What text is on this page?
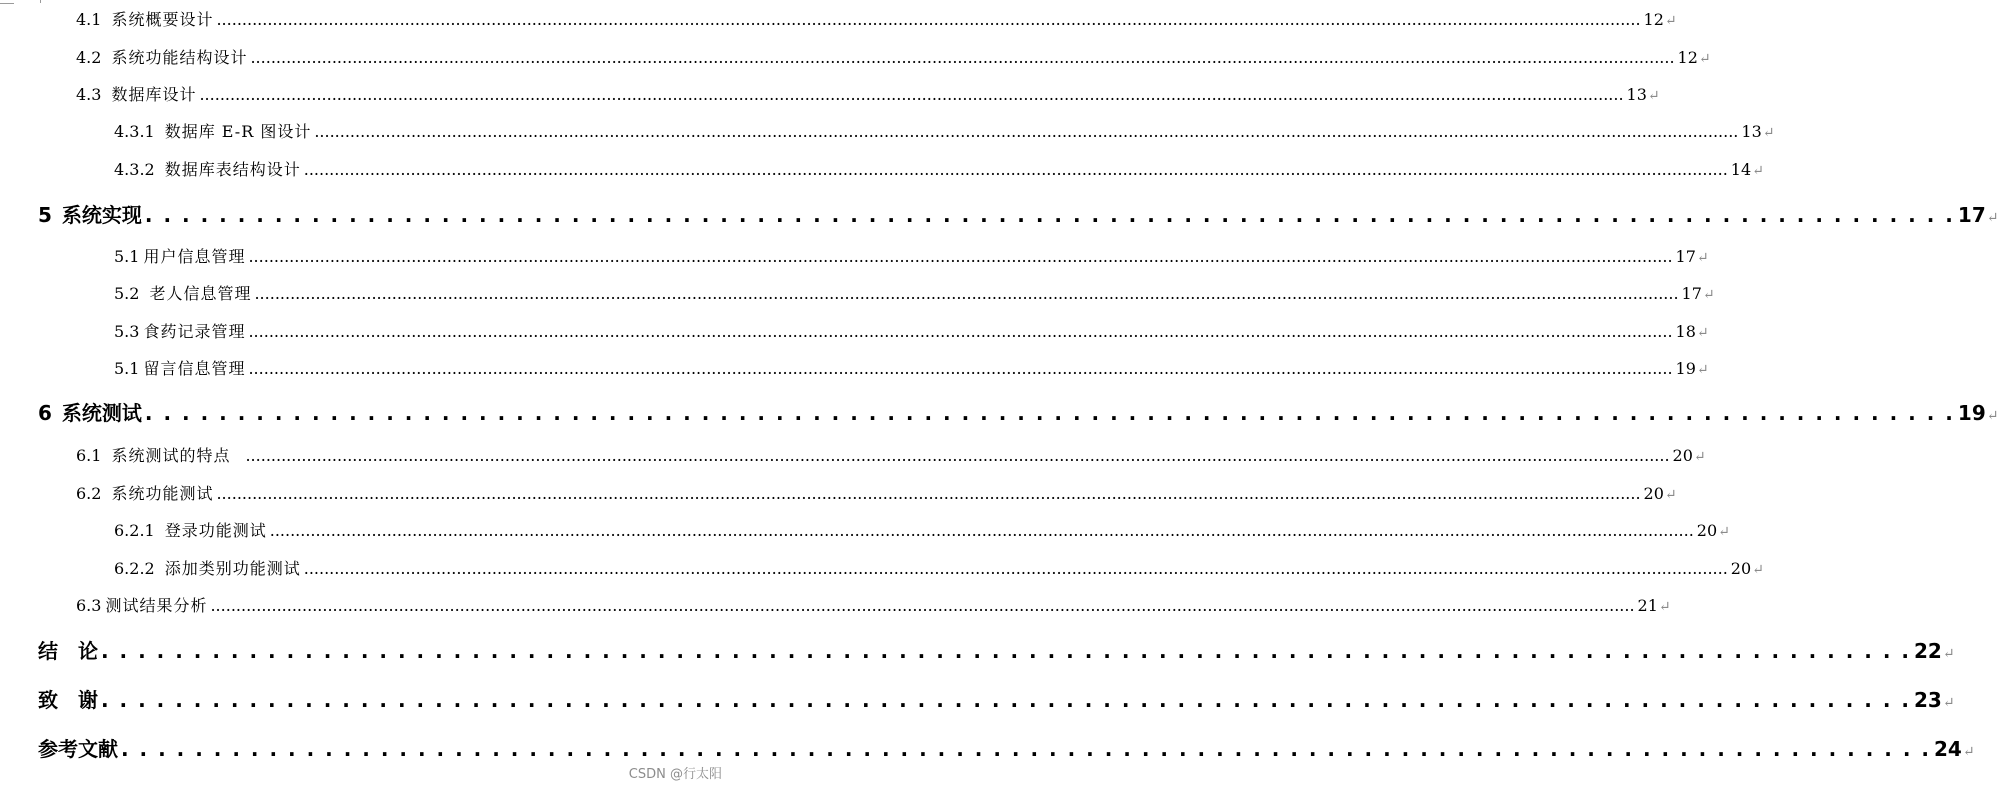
4.1 系统概要设计 .....	12 ↵
4.2 系统功能结构设计 .....	12 ↵
4.3 数据库设计 .....	13 ↵
4.3.1 数据库 E-R 图设计 .....	13 ↵
4.3.2 数据库表结构设计 .....	14 ↵
5 系统实现 . . .	17 ↵
5.1 用户信息管理 .....	17 ↵
5.2 老人信息管理 .....	17 ↵
5.3 食药记录管理 .....	18 ↵
5.1 留言信息管理 .....	19 ↵
6 系统测试 . . .	19 ↵
6.1 系统测试的特点 .....	20 ↵
6.2 系统功能测试 .....	20 ↵
6.2.1 登录功能测试 .....	20 ↵
6.2.2 添加类别功能测试 .....	20 ↵
6.3 测试结果分析 .....	21 ↵
结　论 . . .	22 ↵
致　谢 . . .	23 ↵
参考文献 . . .	24 ↵
CSDN @行太阳
